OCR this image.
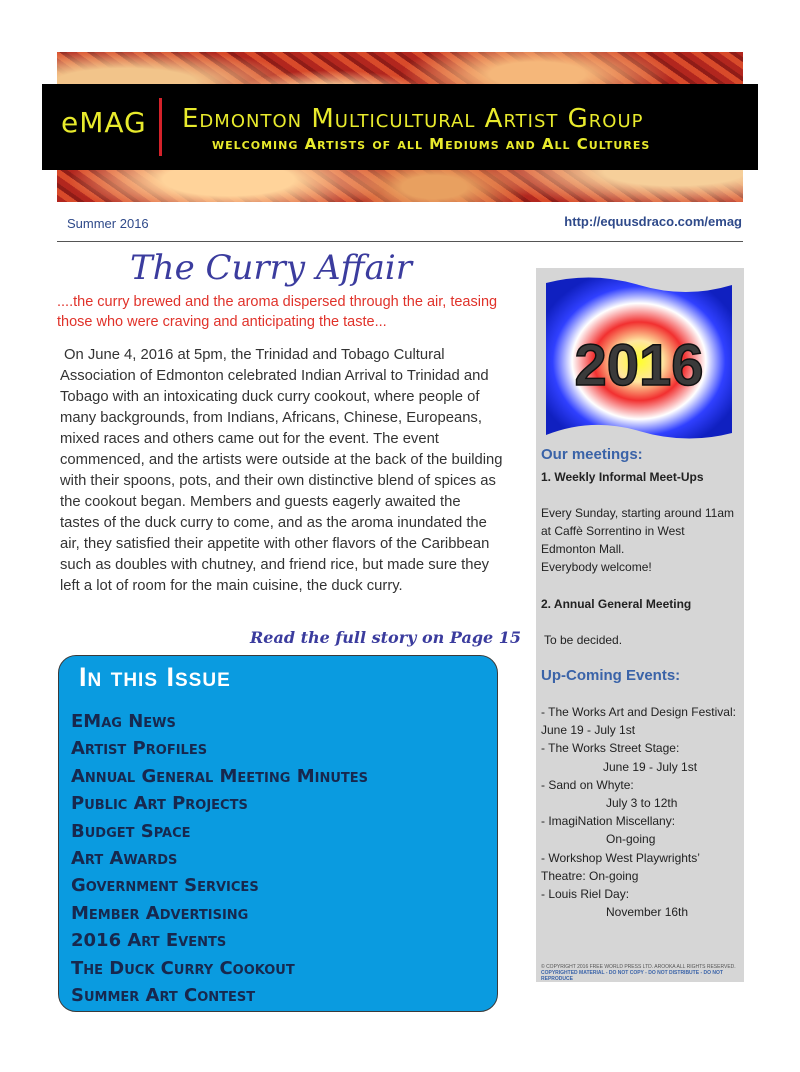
eMAG Edmonton Multicultural Artist Group
welcoming Artists of all Mediums and All Cultures
Summer 2016	http://equusdraco.com/emag
The Curry Affair
....the curry brewed and the aroma dispersed through the air, teasing those who were craving and anticipating the taste...

On June 4, 2016 at 5pm, the Trinidad and Tobago Cultural Association of Edmonton celebrated Indian Arrival to Trinidad and Tobago with an intoxicating duck curry cookout, where people of many backgrounds, from Indians, Africans, Chinese, Europeans, mixed races and others came out for the event. The event commenced, and the artists were outside at the back of the building with their spoons, pots, and their own distinctive blend of spices as the cookout began. Members and guests eagerly awaited the tastes of the duck curry to come, and as the aroma inundated the air, they satisfied their appetite with other flavors of the Caribbean such as doubles with chutney, and friend rice, but made sure they left a lot of room for the main cuisine, the duck curry.

Read the full story on Page 15
In this Issue
EMag News
Artist Profiles
Annual General Meeting Minutes
Public Art Projects
Budget Space
Art Awards
Government Services
Member Advertising
2016 Art Events
The Duck Curry Cookout
Summer Art Contest
2016
Our meetings:
1. Weekly Informal Meet-Ups
Every Sunday, starting around 11am at Caffè Sorrentino in West Edmonton Mall.
Everybody welcome!
2. Annual General Meeting
To be decided.
Up-Coming Events:
- The Works Art and Design Festival: June 19 - July 1st
- The Works Street Stage:
June 19 - July 1st
- Sand on Whyte:
July 3 to 12th
- ImagiNation Miscellany:
On-going
- Workshop West Playwrights’ Theatre: On-going
- Louis Riel Day:
November 16th
© COPYRIGHT 2016 FREE WORLD PRESS LTD. AROOKA ALL RIGHTS RESERVED.
COPYRIGHTED MATERIAL - DO NOT COPY - DO NOT DISTRIBUTE - DO NOT REPRODUCE
